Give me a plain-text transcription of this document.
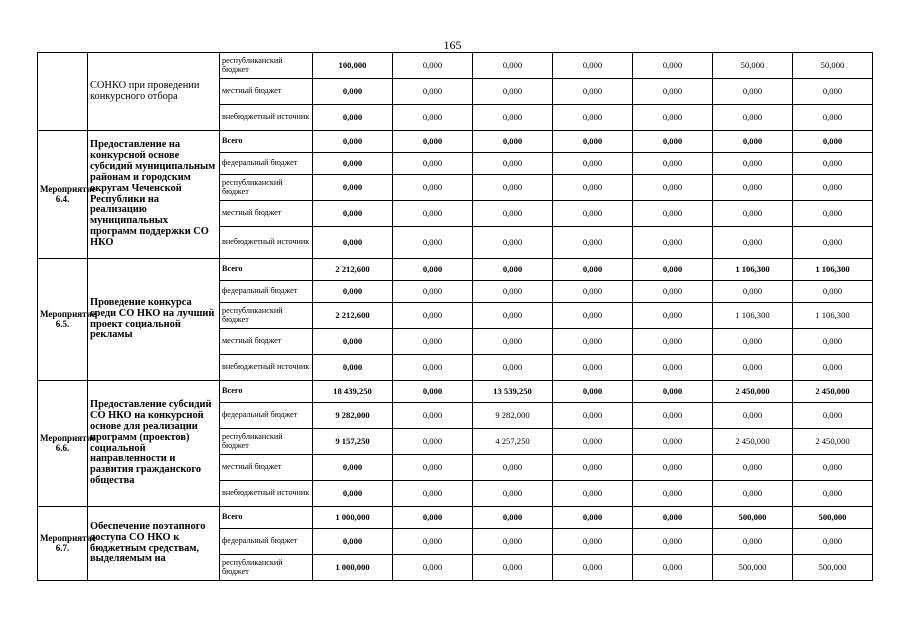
165
	СОНКО при проведении конкурсного отбора	республиканский бюджет	100,000	0,000	0,000	0,000	0,000	50,000	50,000
		местный бюджет	0,000	0,000	0,000	0,000	0,000	0,000	0,000
		внебюджетный источник	0,000	0,000	0,000	0,000	0,000	0,000	0,000
Мероприятие 6.4.	Предоставление на конкурсной основе субсидий муниципальным районам и городским округам Чеченской Республики на реализацию муниципальных программ поддержки СО НКО	Всего	0,000	0,000	0,000	0,000	0,000	0,000	0,000
		федеральный бюджет	0,000	0,000	0,000	0,000	0,000	0,000	0,000
		республиканский бюджет	0,000	0,000	0,000	0,000	0,000	0,000	0,000
		местный бюджет	0,000	0,000	0,000	0,000	0,000	0,000	0,000
		внебюджетный источник	0,000	0,000	0,000	0,000	0,000	0,000	0,000
Мероприятие 6.5.	Проведение конкурса среди СО НКО на лучший проект социальной рекламы	Всего	2 212,600	0,000	0,000	0,000	0,000	1 106,300	1 106,300
		федеральный бюджет	0,000	0,000	0,000	0,000	0,000	0,000	0,000
		республиканский бюджет	2 212,600	0,000	0,000	0,000	0,000	1 106,300	1 106,300
		местный бюджет	0,000	0,000	0,000	0,000	0,000	0,000	0,000
		внебюджетный источник	0,000	0,000	0,000	0,000	0,000	0,000	0,000
Мероприятие 6.6.	Предоставление субсидий СО НКО на конкурсной основе для реализации программ (проектов) социальной направленности и развития гражданского общества	Всего	18 439,250	0,000	13 539,250	0,000	0,000	2 450,000	2 450,000
		федеральный бюджет	9 282,000	0,000	9 282,000	0,000	0,000	0,000	0,000
		республиканский бюджет	9 157,250	0,000	4 257,250	0,000	0,000	2 450,000	2 450,000
		местный бюджет	0,000	0,000	0,000	0,000	0,000	0,000	0,000
		внебюджетный источник	0,000	0,000	0,000	0,000	0,000	0,000	0,000
Мероприятие 6.7.	Обеспечение поэтапного доступа СО НКО к бюджетным средствам, выделяемым на	Всего	1 000,000	0,000	0,000	0,000	0,000	500,000	500,000
		федеральный бюджет	0,000	0,000	0,000	0,000	0,000	0,000	0,000
		республиканский бюджет	1 000,000	0,000	0,000	0,000	0,000	500,000	500,000
